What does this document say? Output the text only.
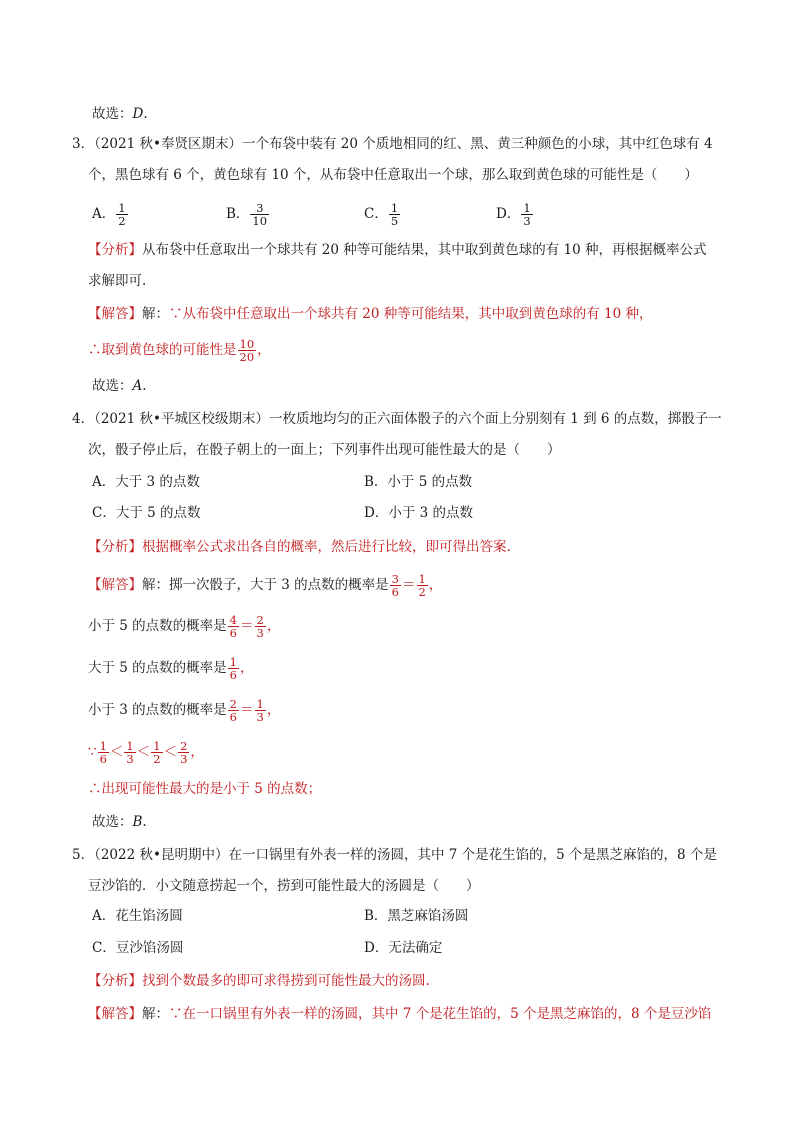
故选：D.
3．（2021 秋•奉贤区期末）一个布袋中装有 20 个质地相同的红、黑、黄三种颜色的小球，其中红色球有 4
个，黑色球有 6 个，黄色球有 10 个，从布袋中任意取出一个球，那么取到黄色球的可能性是（　　）
A． $\frac{1}{2}$	B． $\frac{3}{10}$	C． $\frac{1}{5}$	D． $\frac{1}{3}$
【分析】从布袋中任意取出一个球共有 20 种等可能结果，其中取到黄色球的有 10 种，再根据概率公式
求解即可.
【解答】解：∵从布袋中任意取出一个球共有 20 种等可能结果，其中取到黄色球的有 10 种，
∴取到黄色球的可能性是 $\frac{10}{20}$ ，
故选：A.
4．（2021 秋•平城区校级期末）一枚质地均匀的正六面体骰子的六个面上分别刻有 1 到 6 的点数，掷骰子一
次，骰子停止后，在骰子朝上的一面上；下列事件出现可能性最大的是（　　）
A．大于 3 的点数	B．小于 5 的点数
C．大于 5 的点数	D．小于 3 的点数
【分析】根据概率公式求出各自的概率，然后进行比较，即可得出答案.
【解答】解：掷一次骰子，大于 3 的点数的概率是 $\frac{3}{6} = \frac{1}{2}$ ，
小于 5 的点数的概率是 $\frac{4}{6} = \frac{2}{3}$ ，
大于 5 的点数的概率是 $\frac{1}{6}$ ，
小于 3 的点数的概率是 $\frac{2}{6} = \frac{1}{3}$ ，
∵ $\frac{1}{6} < \frac{1}{3} < \frac{1}{2} < \frac{2}{3}$ ，
∴出现可能性最大的是小于 5 的点数；
故选：B.
5．（2022 秋•昆明期中）在一口锅里有外表一样的汤圆，其中 7 个是花生馅的，5 个是黑芝麻馅的，8 个是
豆沙馅的．小文随意捞起一个，捞到可能性最大的汤圆是（　　）
A．花生馅汤圆	B．黑芝麻馅汤圆
C．豆沙馅汤圆	D．无法确定
【分析】找到个数最多的即可求得捞到可能性最大的汤圆.
【解答】解：∵在一口锅里有外表一样的汤圆，其中 7 个是花生馅的，5 个是黑芝麻馅的，8 个是豆沙馅
